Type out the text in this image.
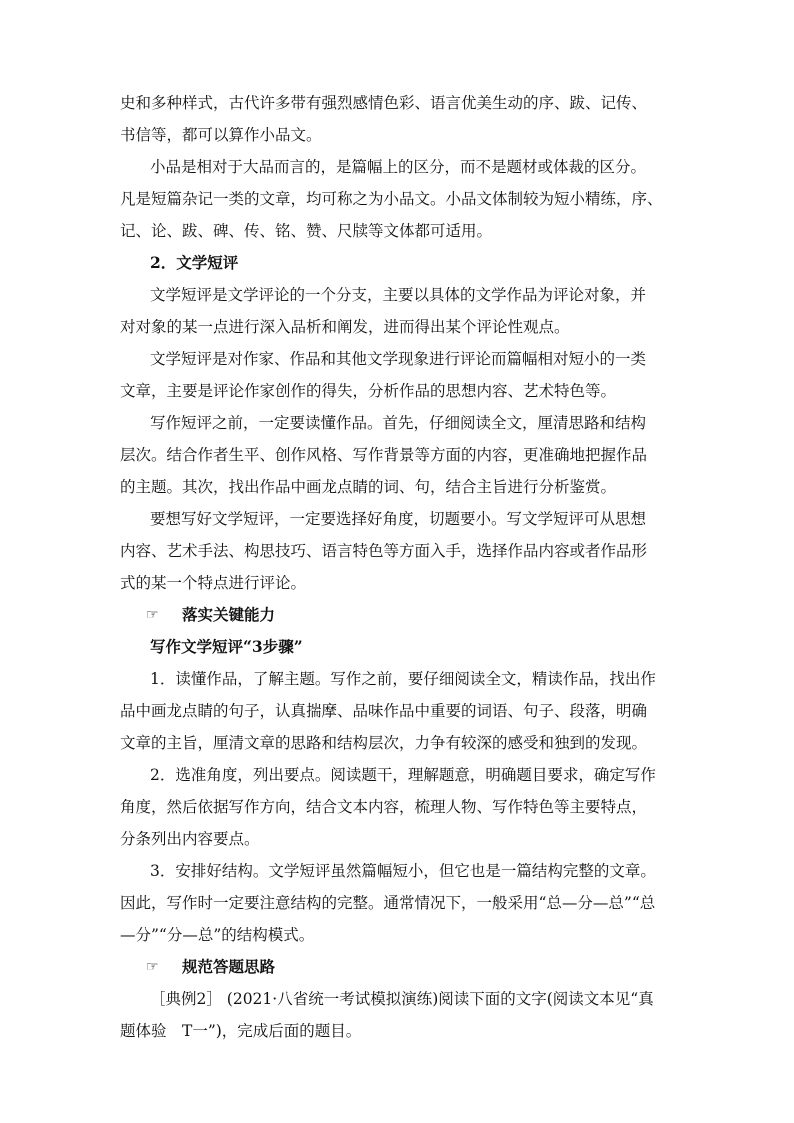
史和多种样式，古代许多带有强烈感情色彩、语言优美生动的序、跋、记传、
书信等，都可以算作小品文。
小品是相对于大品而言的，是篇幅上的区分，而不是题材或体裁的区分。
凡是短篇杂记一类的文章，均可称之为小品文。小品文体制较为短小精练，序、
记、论、跋、碑、传、铭、赞、尺牍等文体都可适用。
2．文学短评
文学短评是文学评论的一个分支，主要以具体的文学作品为评论对象，并
对对象的某一点进行深入品析和阐发，进而得出某个评论性观点。
文学短评是对作家、作品和其他文学现象进行评论而篇幅相对短小的一类
文章，主要是评论作家创作的得失，分析作品的思想内容、艺术特色等。
写作短评之前，一定要读懂作品。首先，仔细阅读全文，厘清思路和结构
层次。结合作者生平、创作风格、写作背景等方面的内容，更准确地把握作品
的主题。其次，找出作品中画龙点睛的词、句，结合主旨进行分析鉴赏。
要想写好文学短评，一定要选择好角度，切题要小。写文学短评可从思想
内容、艺术手法、构思技巧、语言特色等方面入手，选择作品内容或者作品形
式的某一个特点进行评论。
☞ 落实关键能力
写作文学短评“3步骤”
1．读懂作品，了解主题。写作之前，要仔细阅读全文，精读作品，找出作
品中画龙点睛的句子，认真揣摩、品味作品中重要的词语、句子、段落，明确
文章的主旨，厘清文章的思路和结构层次，力争有较深的感受和独到的发现。
2．选准角度，列出要点。阅读题干，理解题意，明确题目要求，确定写作
角度，然后依据写作方向，结合文本内容，梳理人物、写作特色等主要特点，
分条列出内容要点。
3．安排好结构。文学短评虽然篇幅短小，但它也是一篇结构完整的文章。
因此，写作时一定要注意结构的完整。通常情况下，一般采用“总—分—总”“总
—分”“分—总”的结构模式。
☞ 规范答题思路
［典例2］ (2021·八省统一考试模拟演练)阅读下面的文字(阅读文本见“真
题体验　T一”)，完成后面的题目。
